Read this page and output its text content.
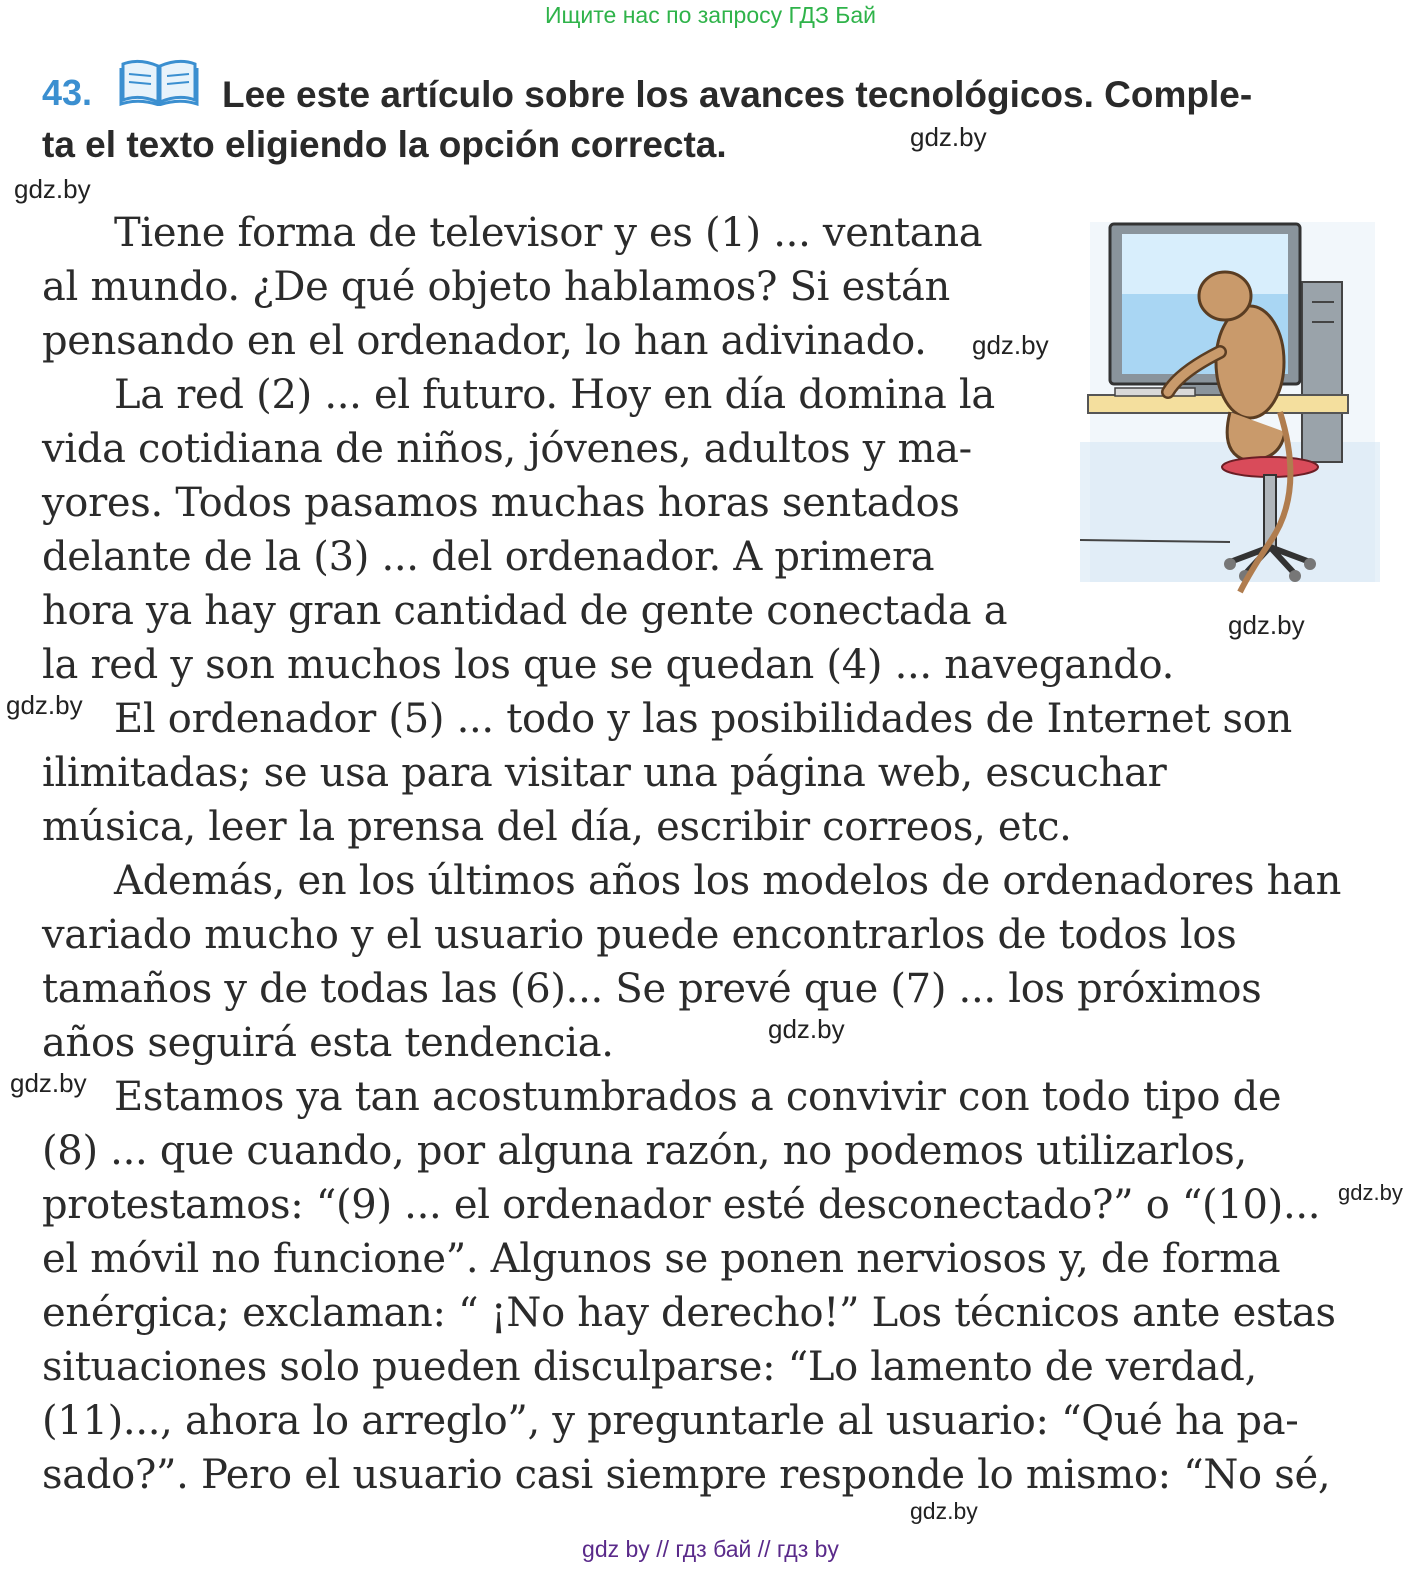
Ищите нас по запросу ГДЗ Бай
43.	Lee este artículo sobre los avances tecnológicos. Comple-
ta el texto eligiendo la opción correcta.	gdz.by
gdz.by
gdz.by
gdz.by
gdz.by
gdz.by
gdz.by
gdz.by
gdz.by
Tiene forma de televisor y es (1) ... ventana
al mundo. ¿De qué objeto hablamos? Si están
pensando en el ordenador, lo han adivinado.
La red (2) ... el futuro. Hoy en día domina la
vida cotidiana de niños, jóvenes, adultos y ma-
yores. Todos pasamos muchas horas sentados
delante de la (3) ... del ordenador. A primera
hora ya hay gran cantidad de gente conectada a
la red y son muchos los que se quedan (4) ... navegando.
El ordenador (5) ... todo y las posibilidades de Internet son
ilimitadas; se usa para visitar una página web, escuchar
música, leer la prensa del día, escribir correos, etc.
Además, en los últimos años los modelos de ordenadores han
variado mucho y el usuario puede encontrarlos de todos los
tamaños y de todas las (6)... Se prevé que (7) ... los próximos
años seguirá esta tendencia.
Estamos ya tan acostumbrados a convivir con todo tipo de
(8) ... que cuando, por alguna razón, no podemos utilizarlos,
protestamos: “(9) ... el ordenador esté desconectado?” o “(10)...
el móvil no funcione”. Algunos se ponen nerviosos y, de forma
enérgica; exclaman: “ ¡No hay derecho!” Los técnicos ante estas
situaciones solo pueden disculparse: “Lo lamento de verdad,
(11)..., ahora lo arreglo”, y preguntarle al usuario: “Qué ha pa-
sado?”. Pero el usuario casi siempre responde lo mismo: “No sé,
gdz by // гдз бай // гдз by
